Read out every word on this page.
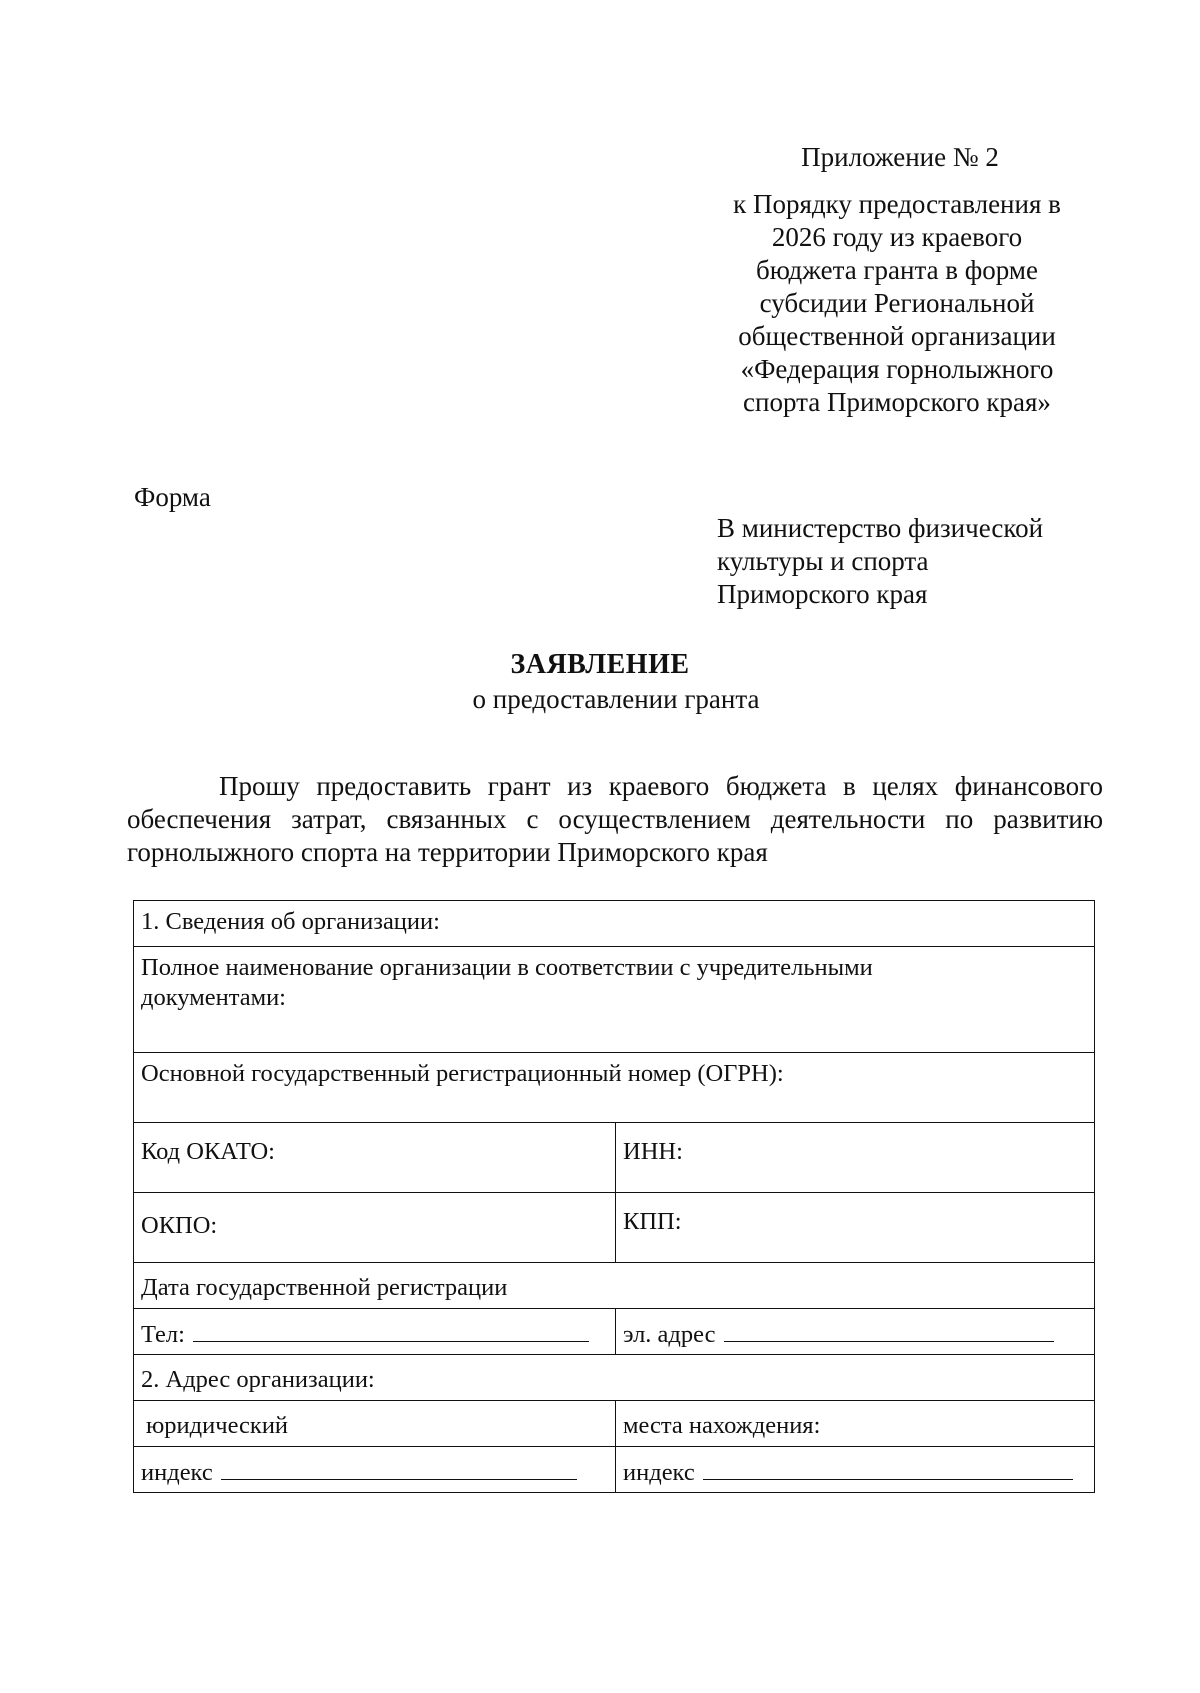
Приложение № 2
к Порядку предоставления в
2026 году из краевого
бюджета гранта в форме
субсидии Региональной
общественной организации
«Федерация горнолыжного
спорта Приморского края»
Форма
В министерство физической
культуры и спорта
Приморского края
ЗАЯВЛЕНИЕ
о предоставлении гранта
Прошу предоставить грант из краевого бюджета в целях финансового обеспечения затрат, связанных с осуществлением деятельности по развитию горнолыжного спорта на территории Приморского края
1. Сведения об организации:	

Полное наименование организации в соответствии с учредительными документами:	

Основной государственный регистрационный номер (ОГРН):	
Код ОКАТО:	ИНН:
ОКПО:	КПП:
Дата государственной регистрации	
Тел:	эл. адрес
2. Адрес организации:	
юридический	места нахождения:
индекс	индекс
